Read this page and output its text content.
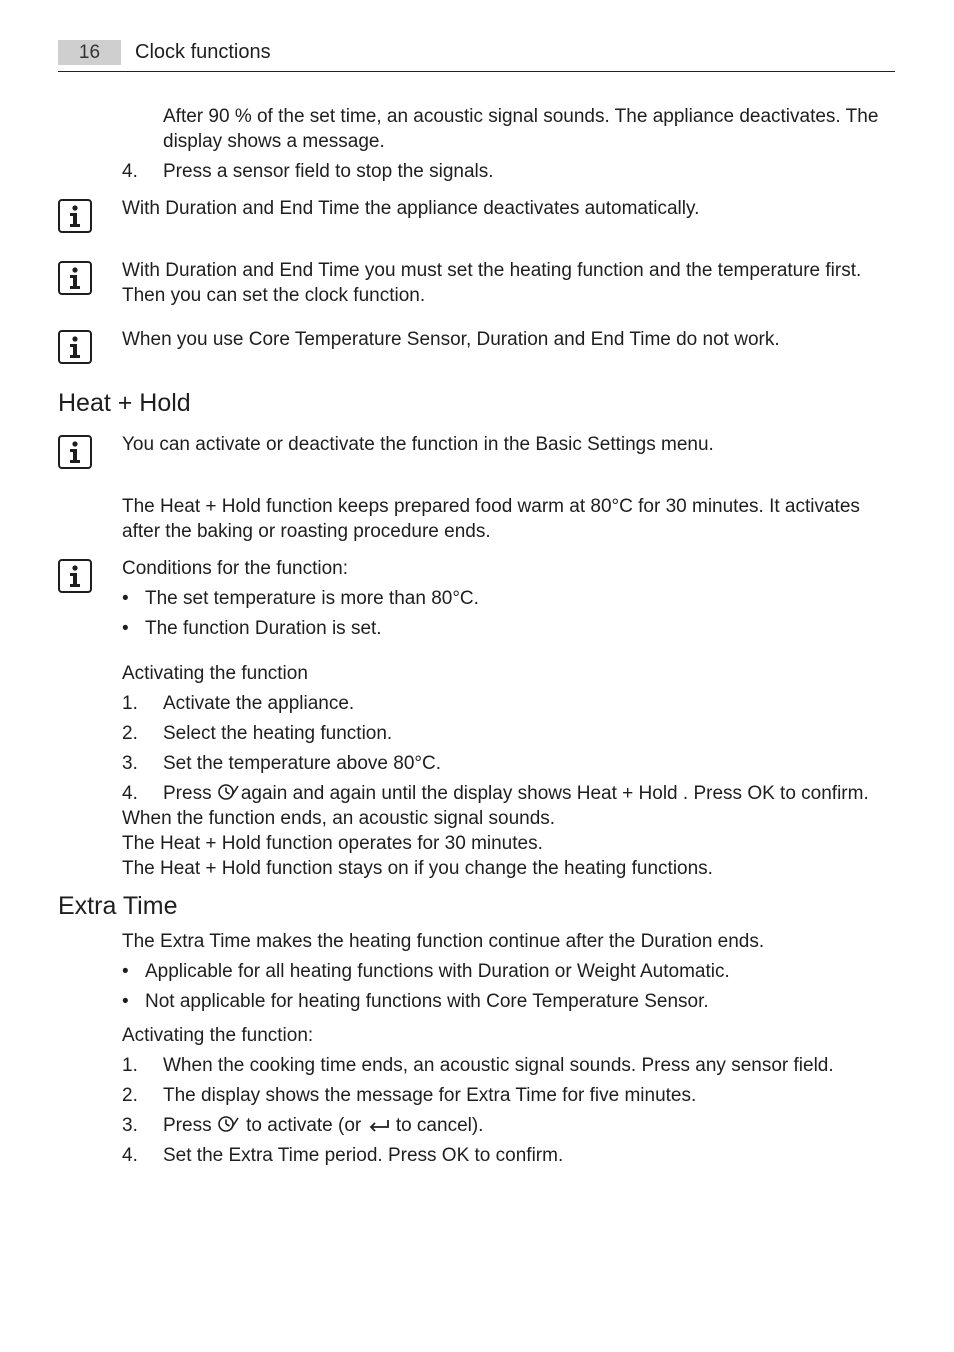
16	Clock functions
After 90 % of the set time, an acoustic signal sounds. The appliance deactivates. The
display shows a message.
4. Press a sensor field to stop the signals.
With Duration and End Time the appliance deactivates automatically.
With Duration and End Time you must set the heating function and the temperature first.
Then you can set the clock function.
When you use Core Temperature Sensor, Duration and End Time do not work.
Heat + Hold
You can activate or deactivate the function in the Basic Settings menu.
The Heat + Hold function keeps prepared food warm at 80°C for 30 minutes. It activates
after the baking or roasting procedure ends.
Conditions for the function:
• The set temperature is more than 80°C.
• The function Duration is set.
Activating the function
1. Activate the appliance.
2. Select the heating function.
3. Set the temperature above 80°C.
4. Press again and again until the display shows Heat + Hold . Press OK to confirm.
When the function ends, an acoustic signal sounds.
The Heat + Hold function operates for 30 minutes.
The Heat + Hold function stays on if you change the heating functions.
Extra Time
The Extra Time makes the heating function continue after the Duration ends.
• Applicable for all heating functions with Duration or Weight Automatic.
• Not applicable for heating functions with Core Temperature Sensor.
Activating the function:
1. When the cooking time ends, an acoustic signal sounds. Press any sensor field.
2. The display shows the message for Extra Time for five minutes.
3. Press to activate (or to cancel).
4. Set the Extra Time period. Press OK to confirm.
